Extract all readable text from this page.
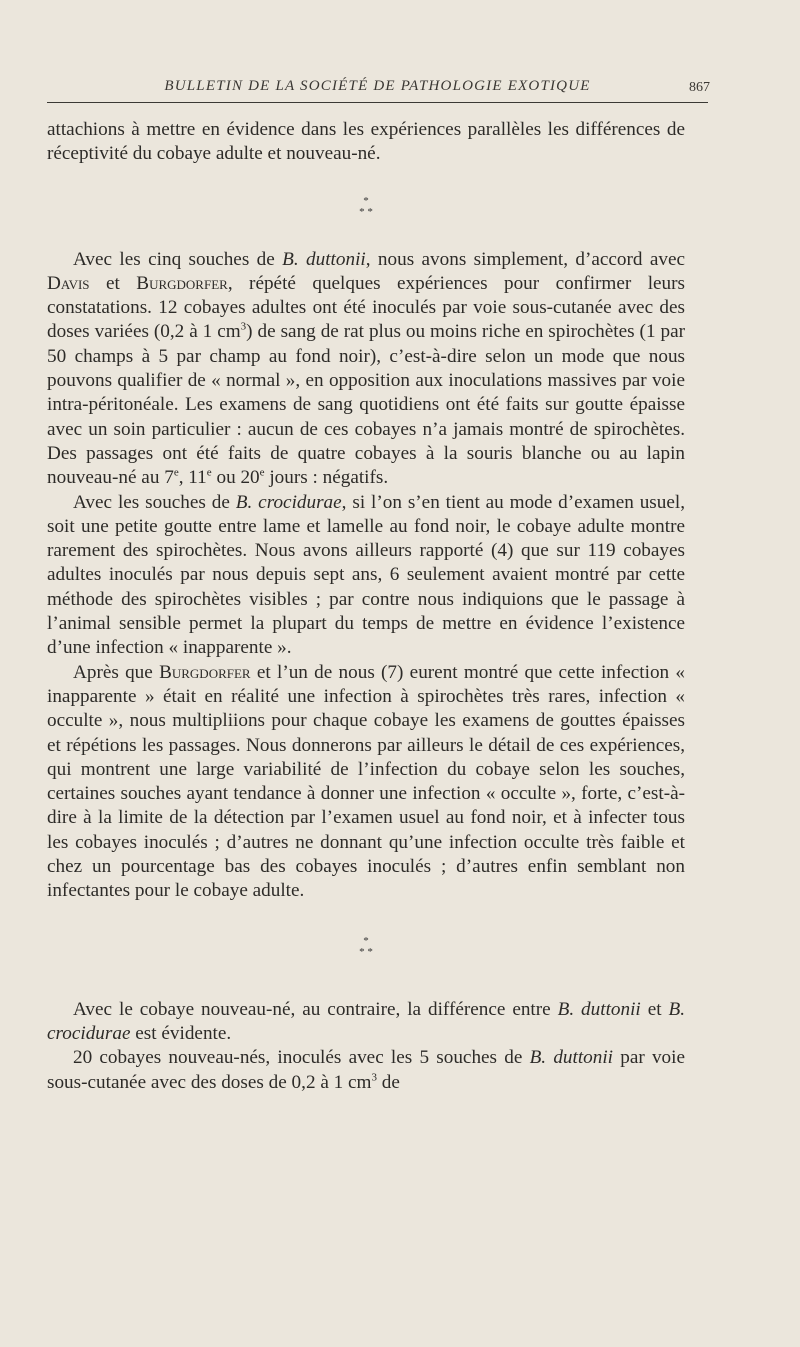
BULLETIN DE LA SOCIÉTÉ DE PATHOLOGIE EXOTIQUE	867

attachions à mettre en évidence dans les expériences parallèles les différences de réceptivité du cobaye adulte et nouveau-né.

*
* *

Avec les cinq souches de B. duttonii, nous avons simplement, d’accord avec Davis et Burgdorfer, répété quelques expériences pour confirmer leurs constatations. 12 cobayes adultes ont été inoculés par voie sous-cutanée avec des doses variées (0,2 à 1 $cm^3$) de sang de rat plus ou moins riche en spirochètes (1 par 50 champs à 5 par champ au fond noir), c’est-à-dire selon un mode que nous pouvons qualifier de « normal », en opposition aux inoculations massives par voie intra-péritonéale. Les examens de sang quotidiens ont été faits sur goutte épaisse avec un soin particulier : aucun de ces cobayes n’a jamais montré de spirochètes. Des passages ont été faits de quatre cobayes à la souris blanche ou au lapin nouveau-né au 7e, 11e ou 20e jours : négatifs.

Avec les souches de B. crocidurae, si l’on s’en tient au mode d’examen usuel, soit une petite goutte entre lame et lamelle au fond noir, le cobaye adulte montre rarement des spirochètes. Nous avons ailleurs rapporté (4) que sur 119 cobayes adultes inoculés par nous depuis sept ans, 6 seulement avaient montré par cette méthode des spirochètes visibles ; par contre nous indiquions que le passage à l’animal sensible permet la plupart du temps de mettre en évidence l’existence d’une infection « inapparente ».

Après que Burgdorfer et l’un de nous (7) eurent montré que cette infection « inapparente » était en réalité une infection à spirochètes très rares, infection « occulte », nous multipliions pour chaque cobaye les examens de gouttes épaisses et répétions les passages. Nous donnerons par ailleurs le détail de ces expériences, qui montrent une large variabilité de l’infection du cobaye selon les souches, certaines souches ayant tendance à donner une infection « occulte », forte, c’est-à-dire à la limite de la détection par l’examen usuel au fond noir, et à infecter tous les cobayes inoculés ; d’autres ne donnant qu’une infection occulte très faible et chez un pourcentage bas des cobayes inoculés ; d’autres enfin semblant non infectantes pour le cobaye adulte.

*
* *

Avec le cobaye nouveau-né, au contraire, la différence entre B. duttonii et B. crocidurae est évidente.

20 cobayes nouveau-nés, inoculés avec les 5 souches de B. duttonii par voie sous-cutanée avec des doses de 0,2 à 1 $cm^3$ de
